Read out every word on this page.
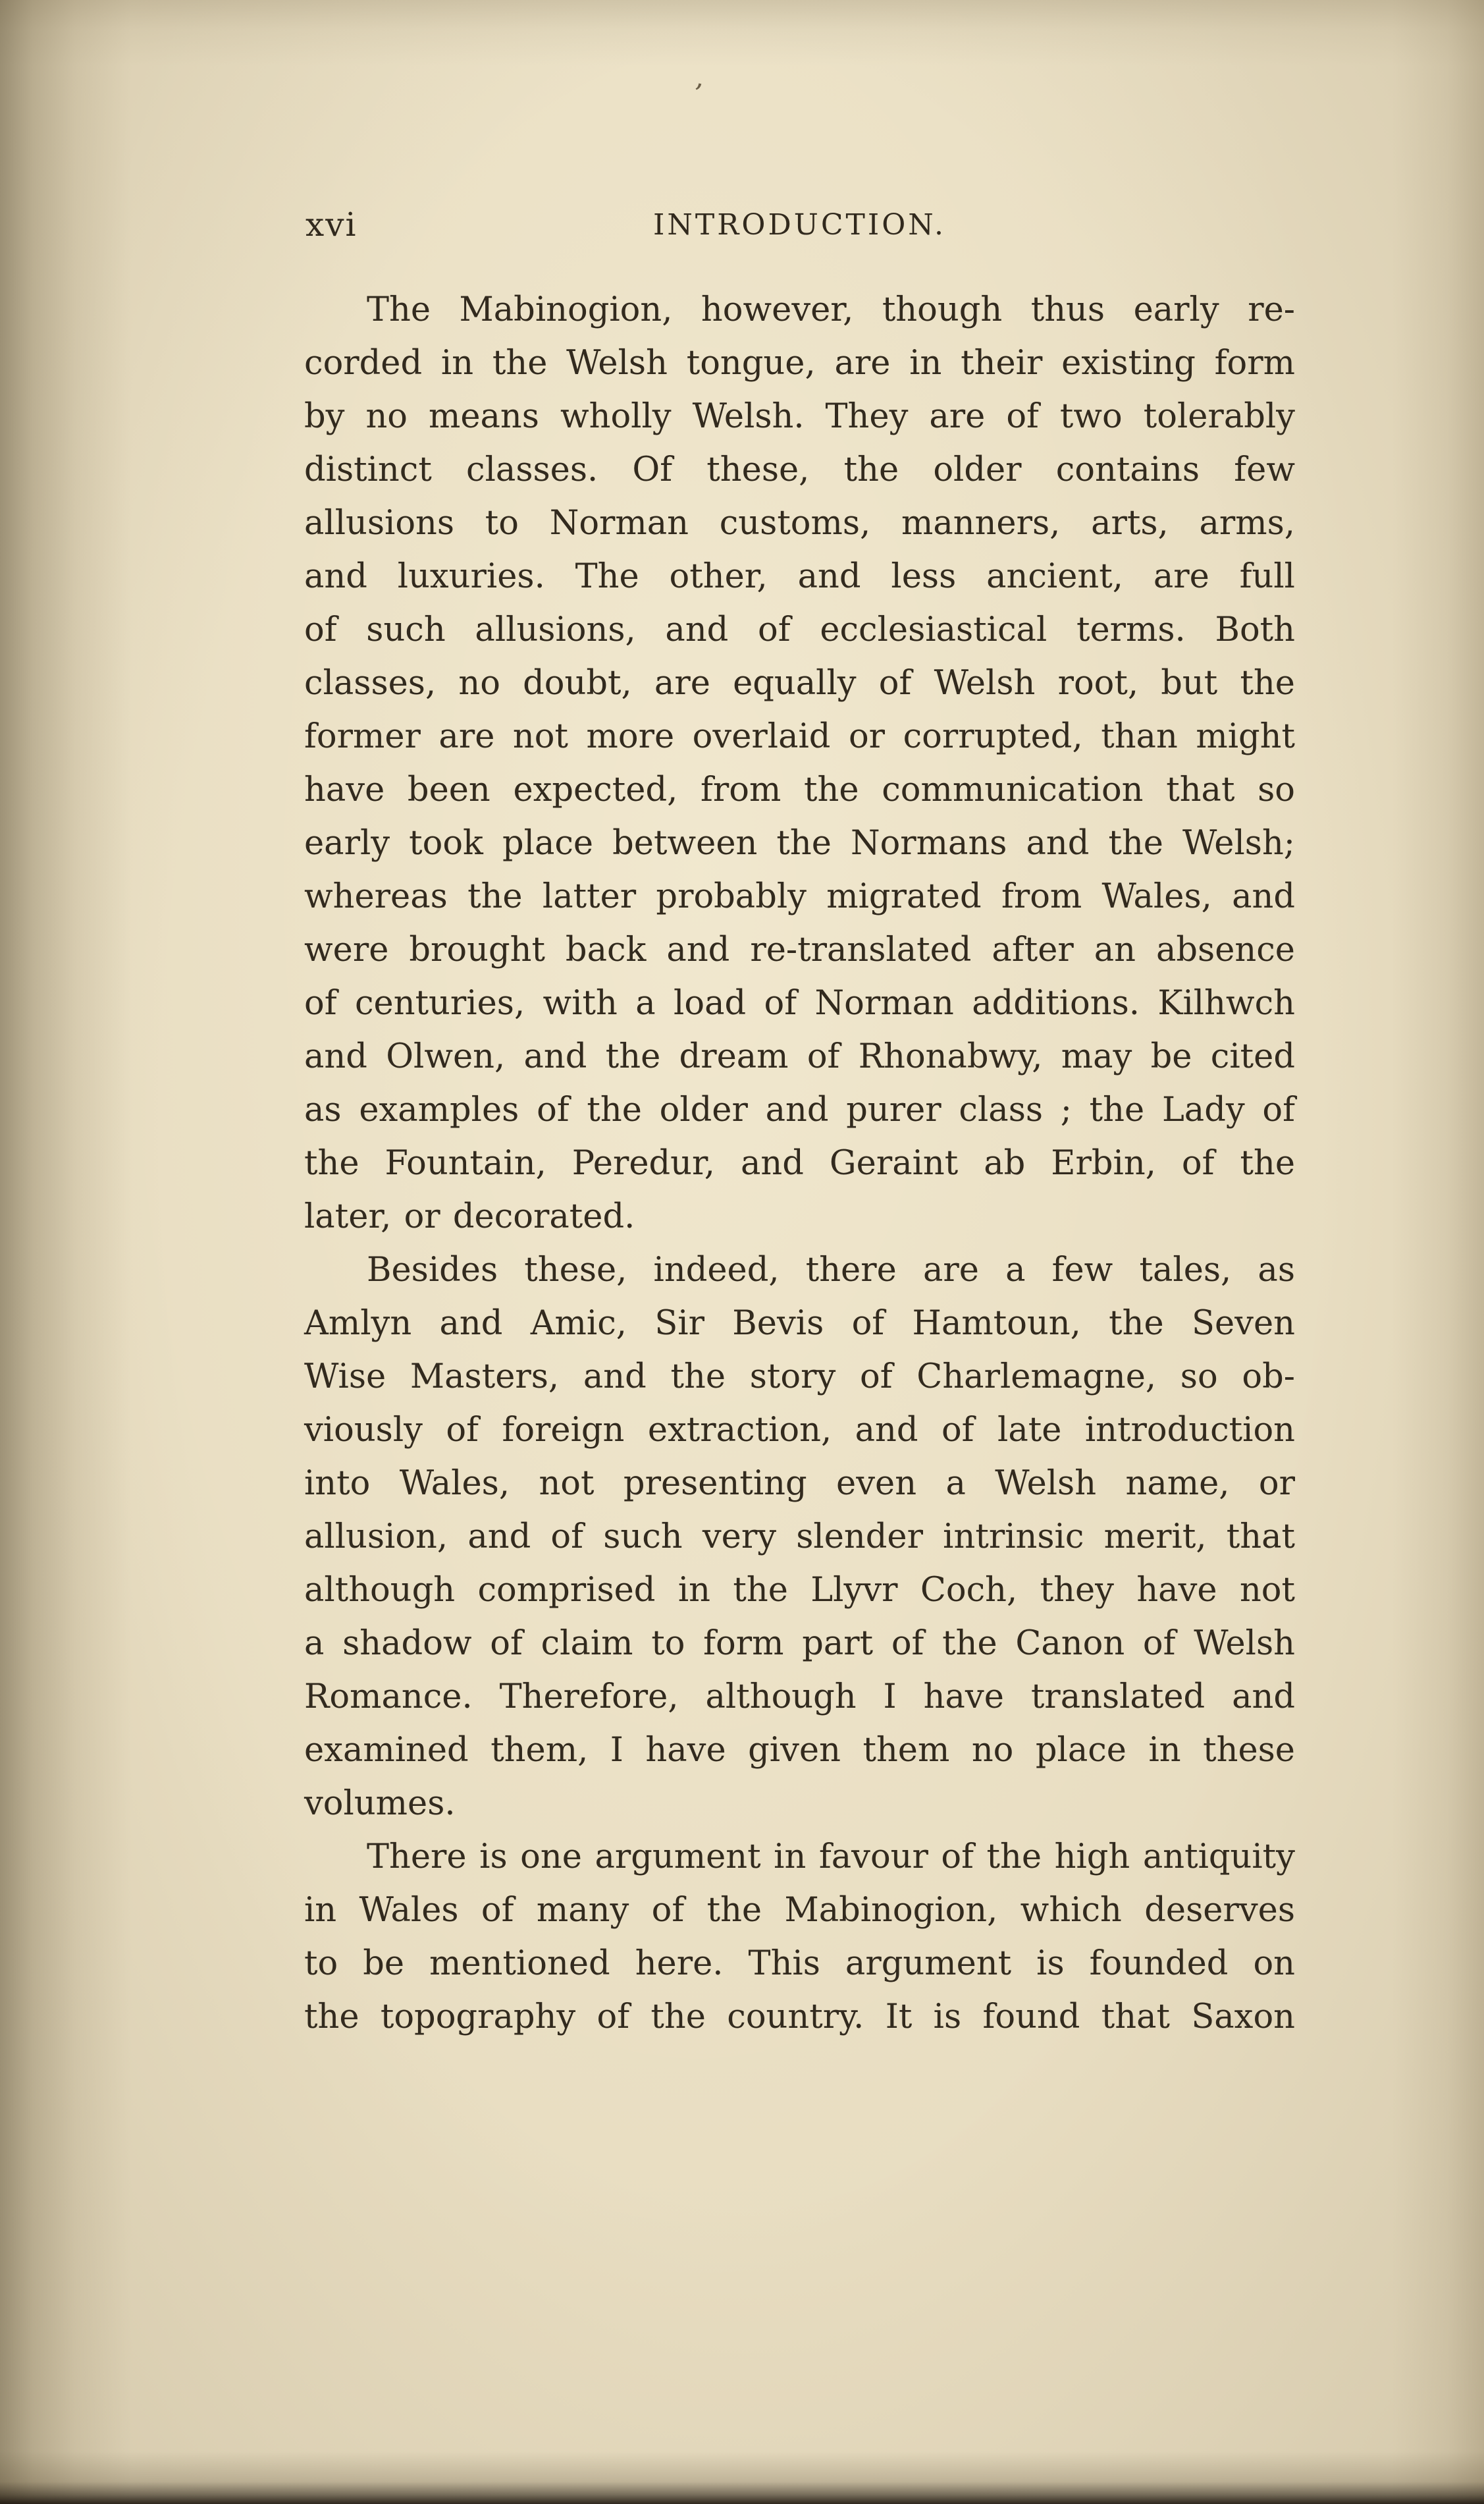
’
xvi	INTRODUCTION.
The Mabinogion, however, though thus early re-
corded in the Welsh tongue, are in their existing form
by no means wholly Welsh. They are of two tolerably
distinct classes. Of these, the older contains few
allusions to Norman customs, manners, arts, arms,
and luxuries. The other, and less ancient, are full
of such allusions, and of ecclesiastical terms. Both
classes, no doubt, are equally of Welsh root, but the
former are not more overlaid or corrupted, than might
have been expected, from the communication that so
early took place between the Normans and the Welsh;
whereas the latter probably migrated from Wales, and
were brought back and re-translated after an absence
of centuries, with a load of Norman additions. Kilhwch
and Olwen, and the dream of Rhonabwy, may be cited
as examples of the older and purer class ; the Lady of
the Fountain, Peredur, and Geraint ab Erbin, of the
later, or decorated.
Besides these, indeed, there are a few tales, as
Amlyn and Amic, Sir Bevis of Hamtoun, the Seven
Wise Masters, and the story of Charlemagne, so ob-
viously of foreign extraction, and of late introduction
into Wales, not presenting even a Welsh name, or
allusion, and of such very slender intrinsic merit, that
although comprised in the Llyvr Coch, they have not
a shadow of claim to form part of the Canon of Welsh
Romance. Therefore, although I have translated and
examined them, I have given them no place in these
volumes.
There is one argument in favour of the high antiquity
in Wales of many of the Mabinogion, which deserves
to be mentioned here. This argument is founded on
the topography of the country. It is found that Saxon
